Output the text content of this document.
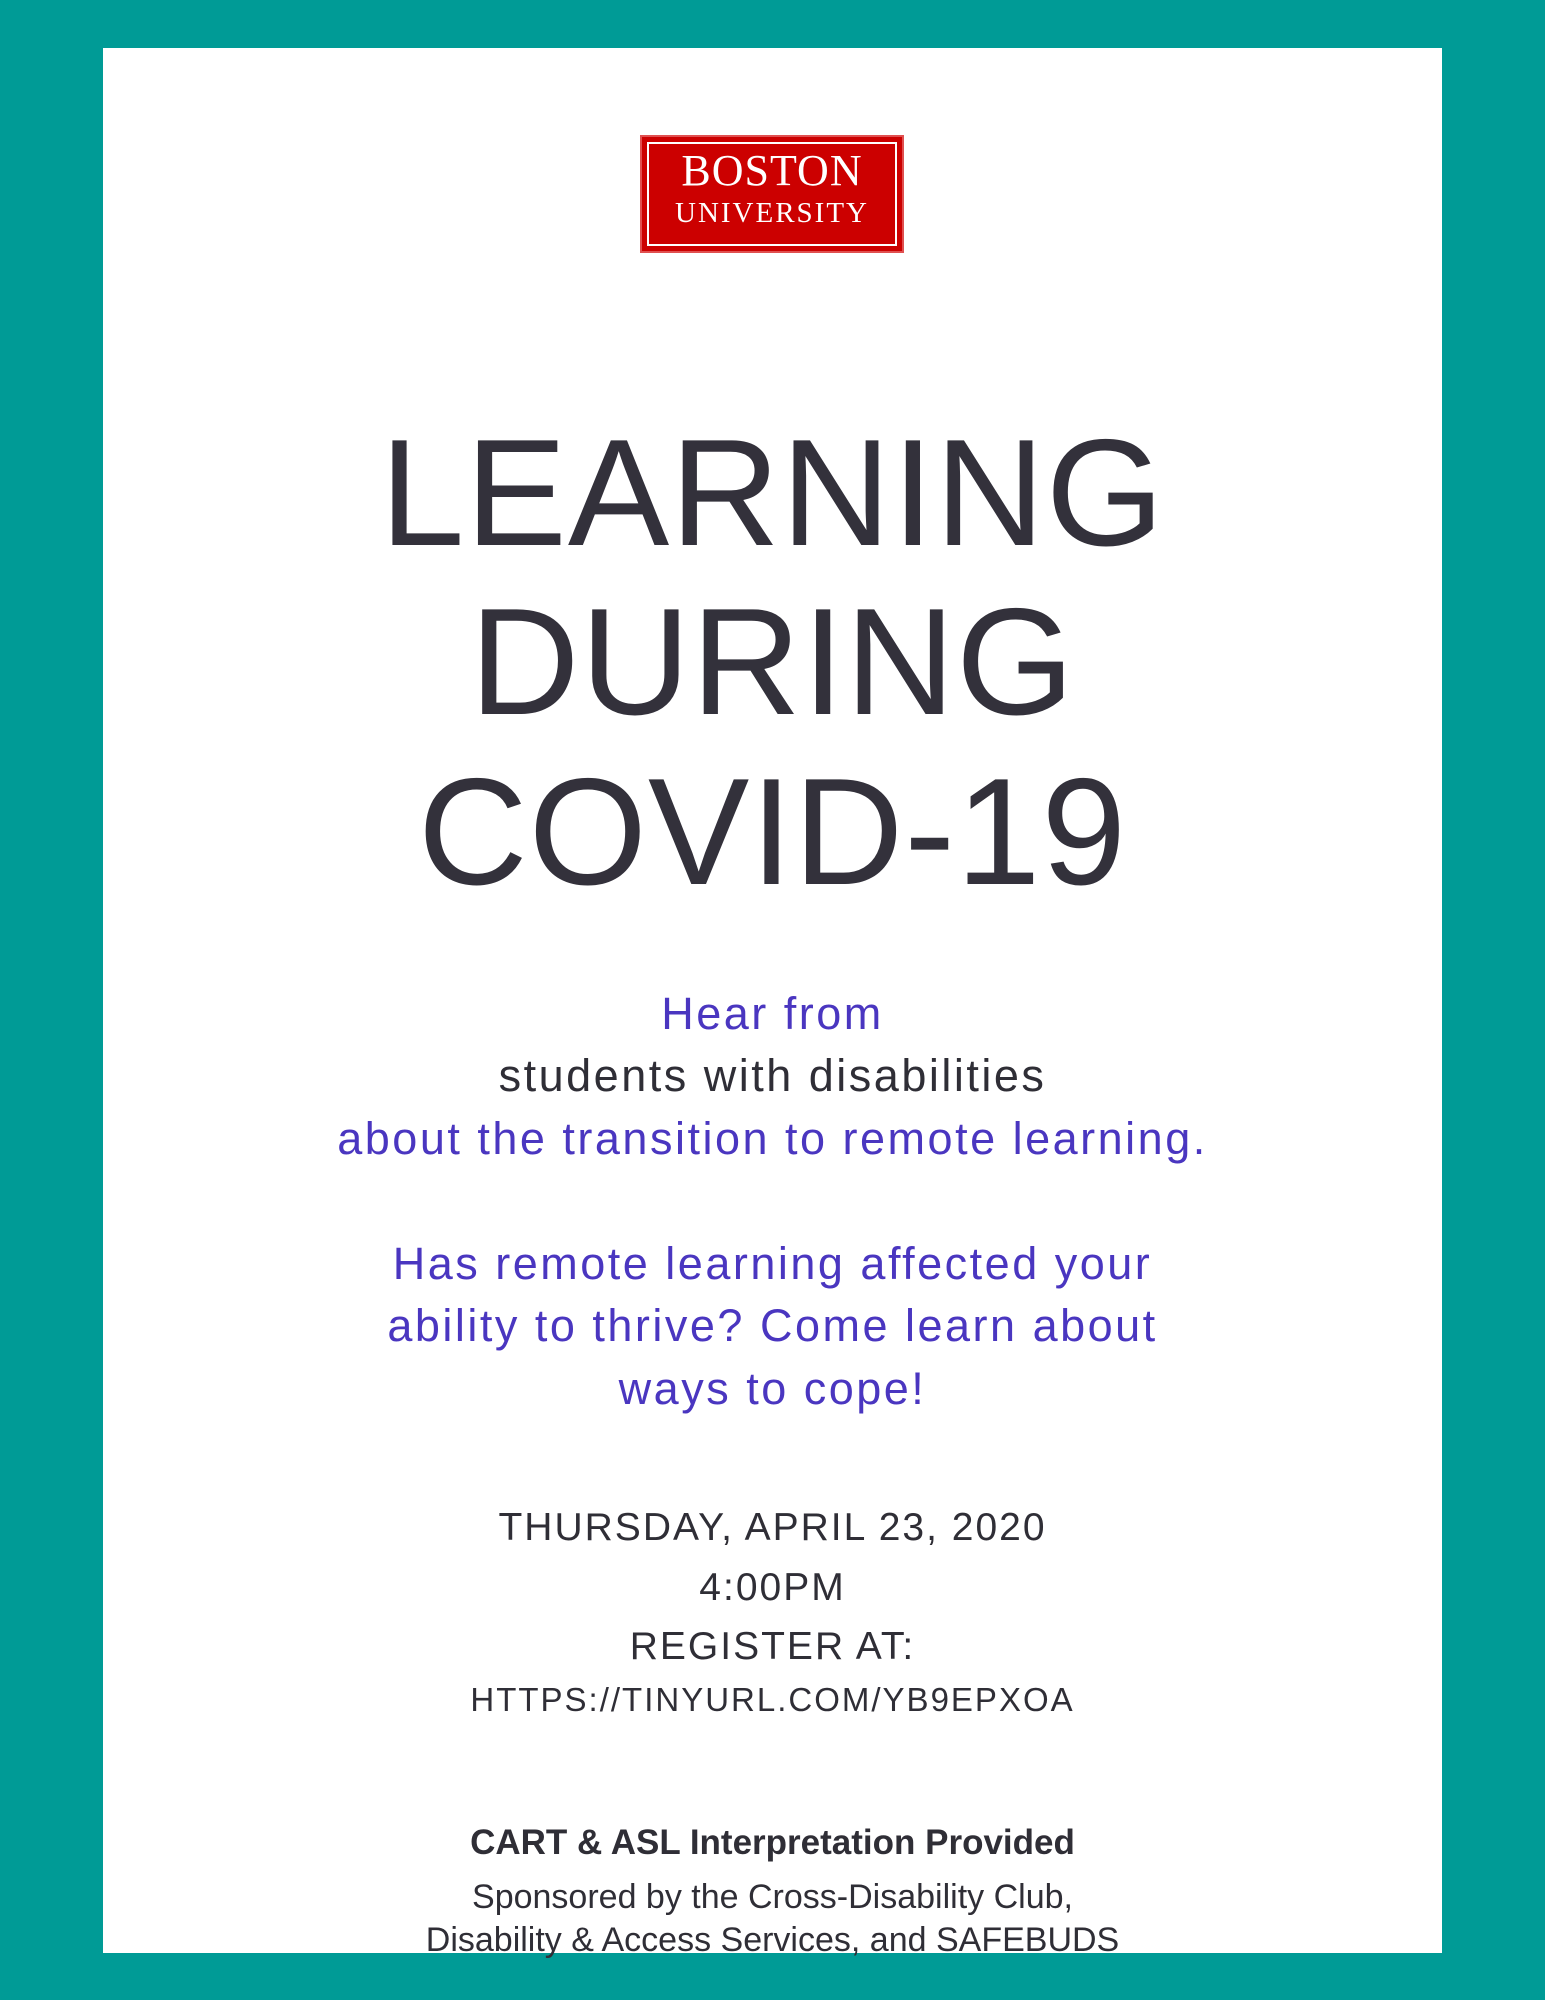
BOSTON
UNIVERSITY
LEARNING
DURING
COVID-19
Hear from
students with disabilities
about the transition to remote learning.
Has remote learning affected your
ability to thrive? Come learn about
ways to cope!
THURSDAY, APRIL 23, 2020
4:00PM
REGISTER AT:
HTTPS://TINYURL.COM/YB9EPXOA
CART & ASL Interpretation Provided
Sponsored by the Cross-Disability Club,
Disability & Access Services, and SAFEBUDS
